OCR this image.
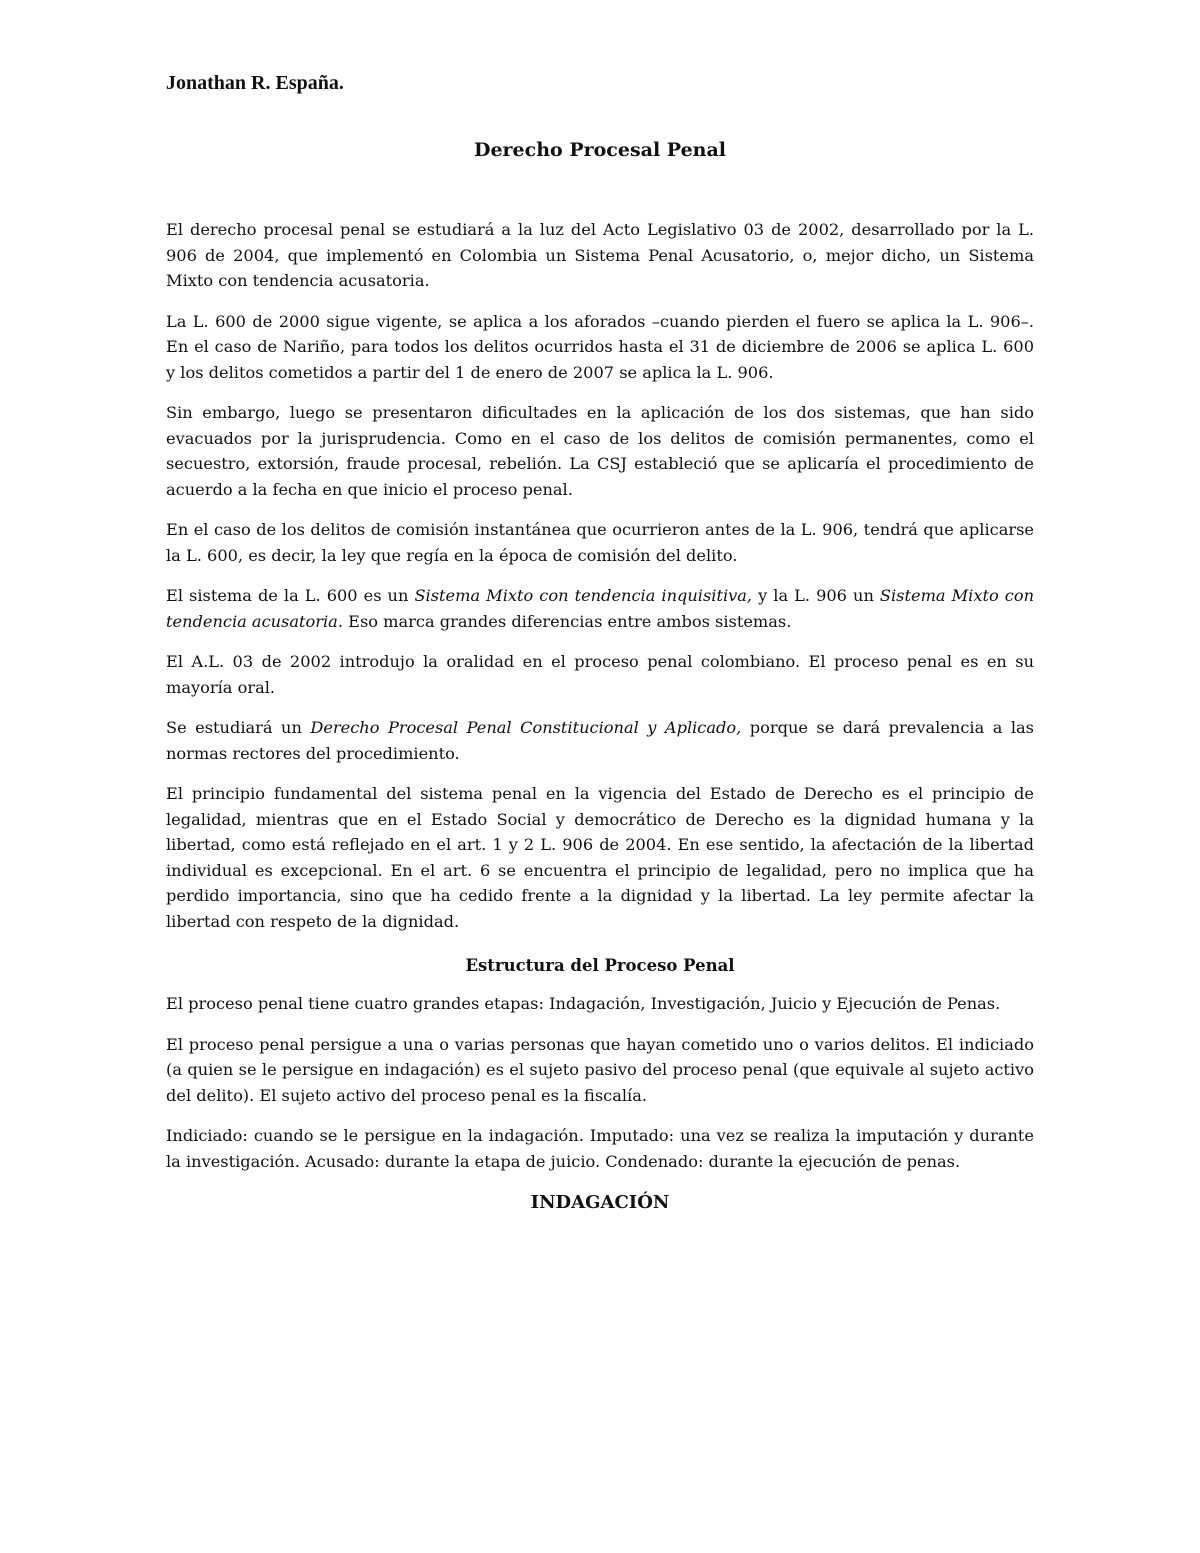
Jonathan R. España.
Derecho Procesal Penal

El derecho procesal penal se estudiará a la luz del Acto Legislativo 03 de 2002, desarrollado por la L. 906 de 2004, que implementó en Colombia un Sistema Penal Acusatorio, o, mejor dicho, un Sistema Mixto con tendencia acusatoria.

La L. 600 de 2000 sigue vigente, se aplica a los aforados –cuando pierden el fuero se aplica la L. 906–. En el caso de Nariño, para todos los delitos ocurridos hasta el 31 de diciembre de 2006 se aplica L. 600 y los delitos cometidos a partir del 1 de enero de 2007 se aplica la L. 906.

Sin embargo, luego se presentaron dificultades en la aplicación de los dos sistemas, que han sido evacuados por la jurisprudencia. Como en el caso de los delitos de comisión permanentes, como el secuestro, extorsión, fraude procesal, rebelión. La CSJ estableció que se aplicaría el procedimiento de acuerdo a la fecha en que inicio el proceso penal.

En el caso de los delitos de comisión instantánea que ocurrieron antes de la L. 906, tendrá que aplicarse la L. 600, es decir, la ley que regía en la época de comisión del delito.

El sistema de la L. 600 es un Sistema Mixto con tendencia inquisitiva, y la L. 906 un Sistema Mixto con tendencia acusatoria. Eso marca grandes diferencias entre ambos sistemas.

El A.L. 03 de 2002 introdujo la oralidad en el proceso penal colombiano. El proceso penal es en su mayoría oral.

Se estudiará un Derecho Procesal Penal Constitucional y Aplicado, porque se dará prevalencia a las normas rectores del procedimiento.

El principio fundamental del sistema penal en la vigencia del Estado de Derecho es el principio de legalidad, mientras que en el Estado Social y democrático de Derecho es la dignidad humana y la libertad, como está reflejado en el art. 1 y 2 L. 906 de 2004. En ese sentido, la afectación de la libertad individual es excepcional. En el art. 6 se encuentra el principio de legalidad, pero no implica que ha perdido importancia, sino que ha cedido frente a la dignidad y la libertad. La ley permite afectar la libertad con respeto de la dignidad.

Estructura del Proceso Penal

El proceso penal tiene cuatro grandes etapas: Indagación, Investigación, Juicio y Ejecución de Penas.

El proceso penal persigue a una o varias personas que hayan cometido uno o varios delitos. El indiciado (a quien se le persigue en indagación) es el sujeto pasivo del proceso penal (que equivale al sujeto activo del delito). El sujeto activo del proceso penal es la fiscalía.

Indiciado: cuando se le persigue en la indagación. Imputado: una vez se realiza la imputación y durante la investigación. Acusado: durante la etapa de juicio. Condenado: durante la ejecución de penas.

INDAGACIÓN
